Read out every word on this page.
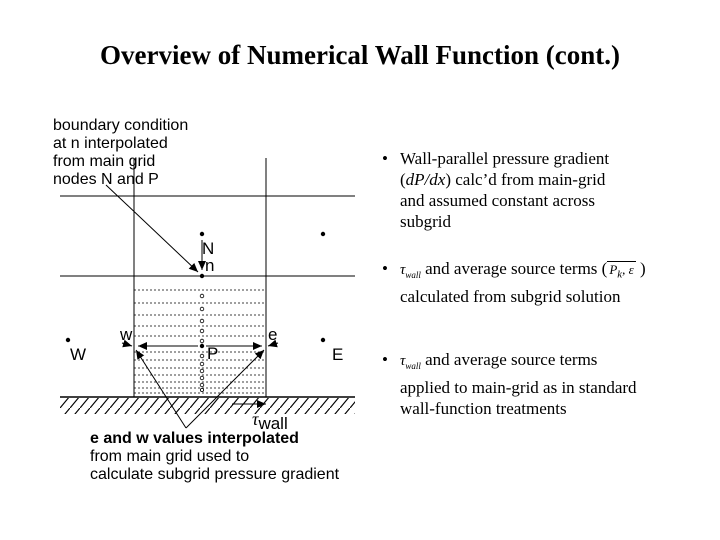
Overview of Numerical Wall Function (cont.)
boundary condition
at n interpolated
from main grid
nodes N and P
N
n
P
w	e
W	E
τwall
e and w values interpolated
from main grid used to
calculate subgrid pressure gradient
• Wall-parallel pressure gradient
(dP/dx) calc’d from main-grid
and assumed constant across
subgrid
• $\tau_{wall}$ and average source terms ( $P_k$, ε )
calculated from subgrid solution
• $\tau_{wall}$ and average source terms
applied to main-grid as in standard
wall-function treatments
